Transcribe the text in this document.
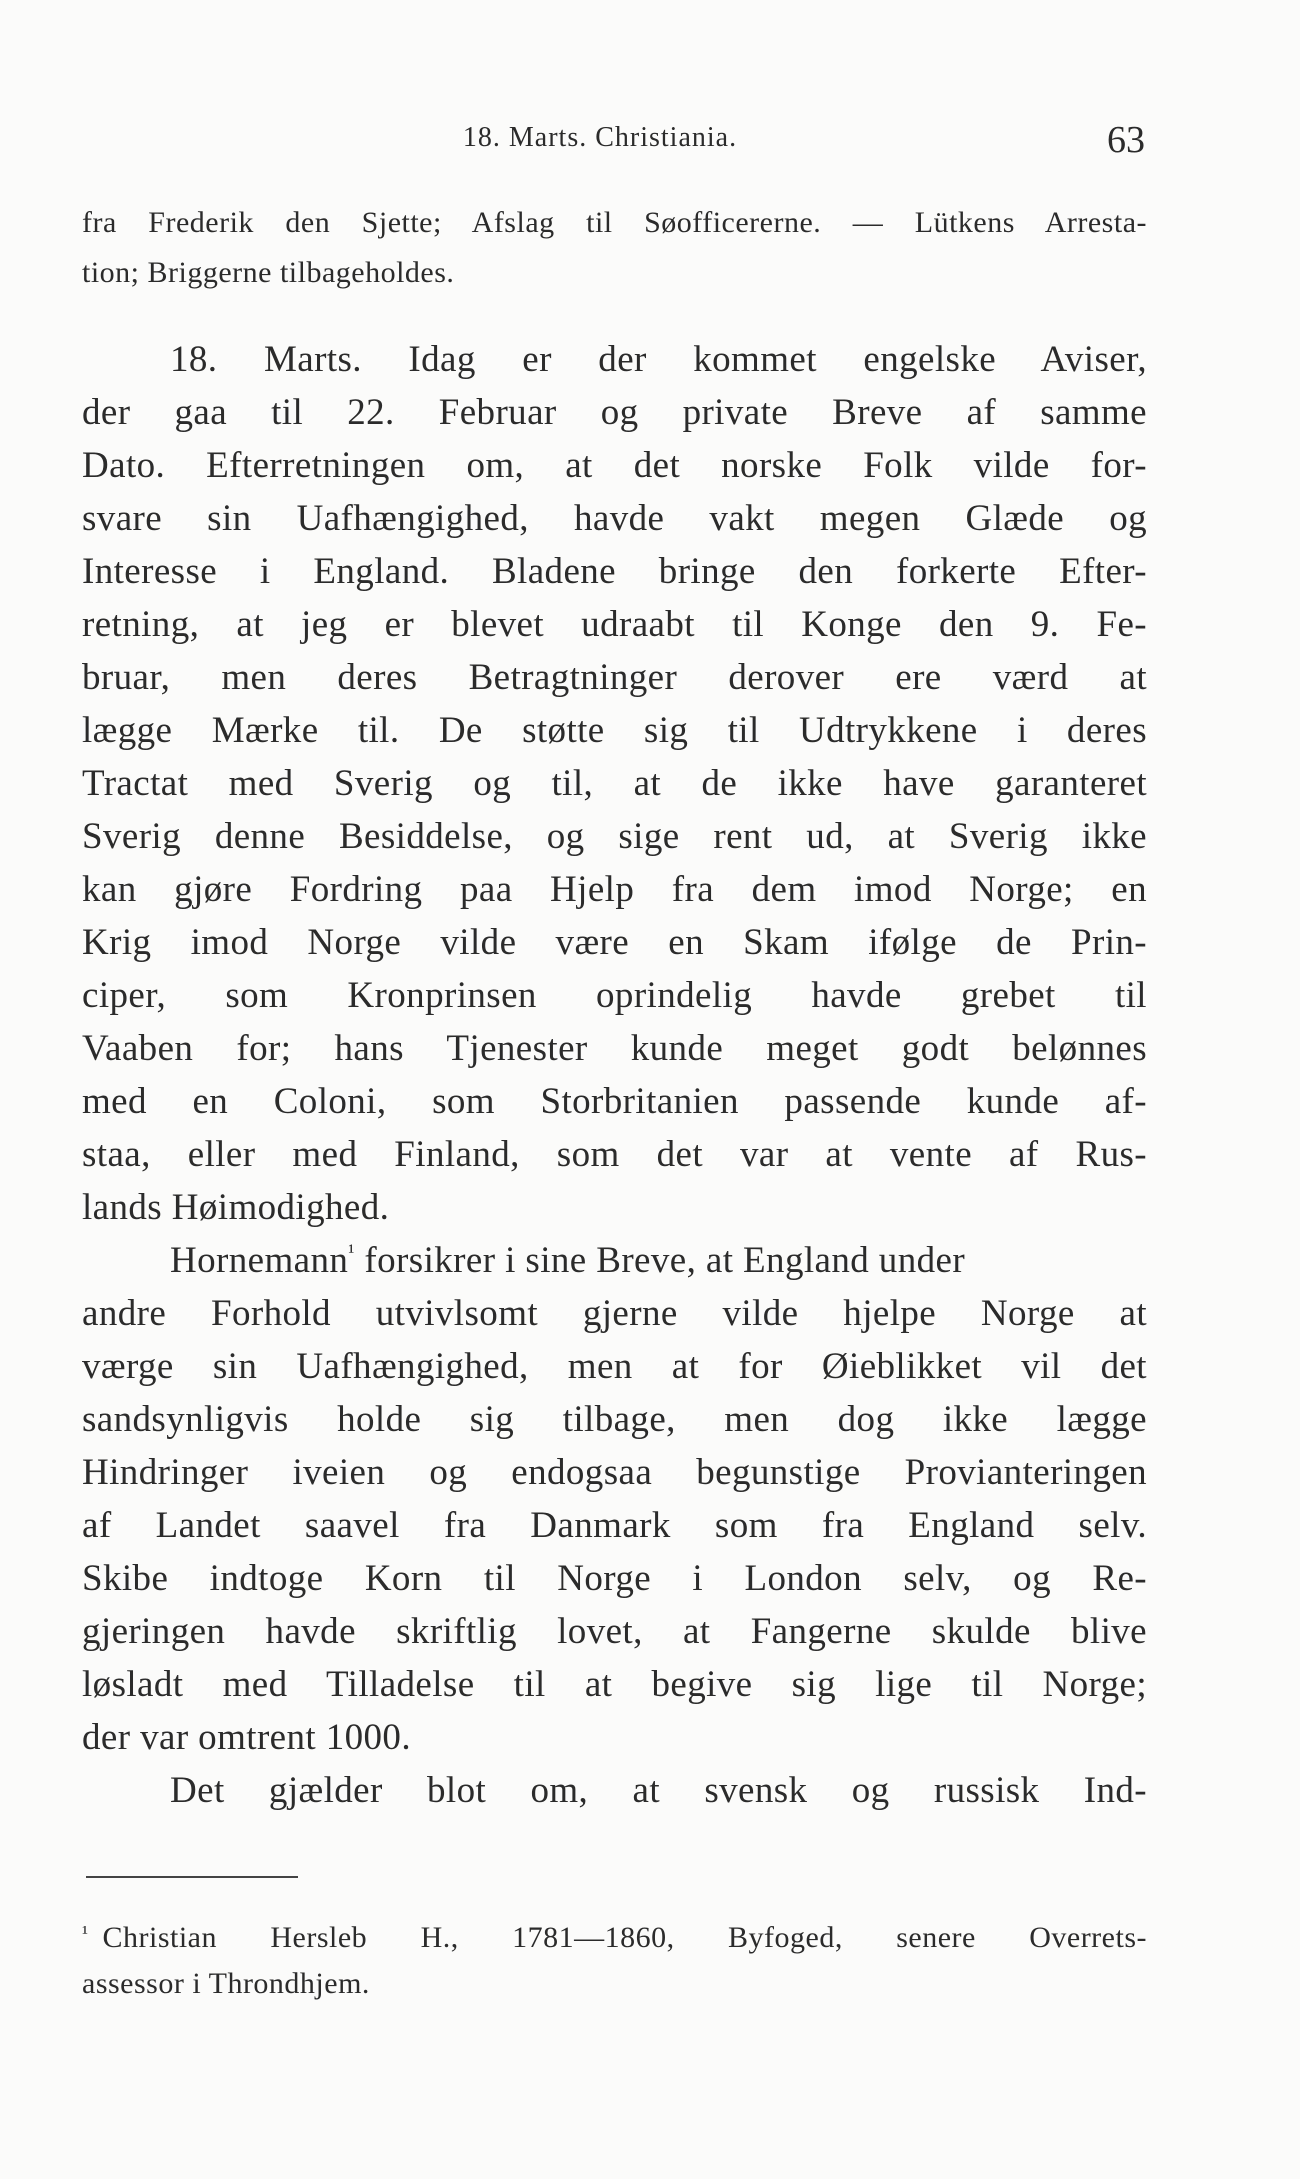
18. Marts. Christiania.	63
fra Frederik den Sjette; Afslag til Søofficererne. — Lütkens Arresta-
tion; Briggerne tilbageholdes.
18. Marts. Idag er der kommet engelske Aviser,
der gaa til 22. Februar og private Breve af samme
Dato. Efterretningen om, at det norske Folk vilde for-
svare sin Uafhængighed, havde vakt megen Glæde og
Interesse i England. Bladene bringe den forkerte Efter-
retning, at jeg er blevet udraabt til Konge den 9. Fe-
bruar, men deres Betragtninger derover ere værd at
lægge Mærke til. De støtte sig til Udtrykkene i deres
Tractat med Sverig og til, at de ikke have garanteret
Sverig denne Besiddelse, og sige rent ud, at Sverig ikke
kan gjøre Fordring paa Hjelp fra dem imod Norge; en
Krig imod Norge vilde være en Skam ifølge de Prin-
ciper, som Kronprinsen oprindelig havde grebet til
Vaaben for; hans Tjenester kunde meget godt belønnes
med en Coloni, som Storbritanien passende kunde af-
staa, eller med Finland, som det var at vente af Rus-
lands Høimodighed.
Hornemann$^{^1}$ forsikrer i sine Breve, at England under
andre Forhold utvivlsomt gjerne vilde hjelpe Norge at
værge sin Uafhængighed, men at for Øieblikket vil det
sandsynligvis holde sig tilbage, men dog ikke lægge
Hindringer iveien og endogsaa begunstige Provianteringen
af Landet saavel fra Danmark som fra England selv.
Skibe indtoge Korn til Norge i London selv, og Re-
gjeringen havde skriftlig lovet, at Fangerne skulde blive
løsladt med Tilladelse til at begive sig lige til Norge;
der var omtrent 1000.
Det gjælder blot om, at svensk og russisk Ind-
$^{^1}$ Christian Hersleb H., 1781—1860, Byfoged, senere Overrets-
assessor i Throndhjem.
